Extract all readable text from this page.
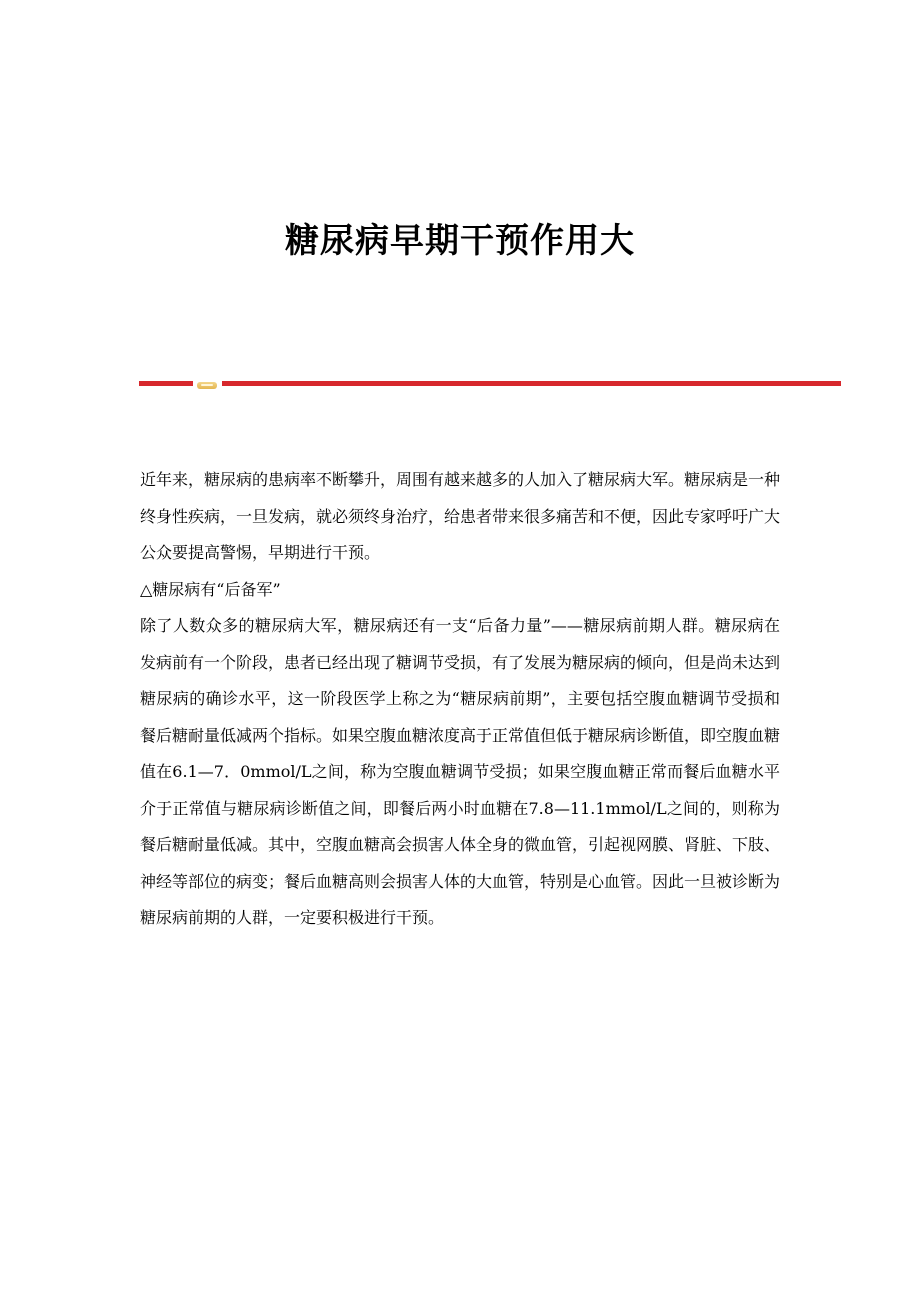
糖尿病早期干预作用大

近年来，糖尿病的患病率不断攀升，周围有越来越多的人加入了糖尿病大军。糖尿病是一种终身性疾病，一旦发病，就必须终身治疗，给患者带来很多痛苦和不便，因此专家呼吁广大公众要提高警惕，早期进行干预。

△糖尿病有“后备军”

除了人数众多的糖尿病大军，糖尿病还有一支“后备力量”——糖尿病前期人群。糖尿病在发病前有一个阶段，患者已经出现了糖调节受损，有了发展为糖尿病的倾向，但是尚未达到糖尿病的确诊水平，这一阶段医学上称之为“糖尿病前期”，主要包括空腹血糖调节受损和餐后糖耐量低减两个指标。如果空腹血糖浓度高于正常值但低于糖尿病诊断值，即空腹血糖值在6.1—7．0mmol/L之间，称为空腹血糖调节受损；如果空腹血糖正常而餐后血糖水平介于正常值与糖尿病诊断值之间，即餐后两小时血糖在7.8—11.1mmol/L之间的，则称为餐后糖耐量低减。其中，空腹血糖高会损害人体全身的微血管，引起视网膜、肾脏、下肢、神经等部位的病变；餐后血糖高则会损害人体的大血管，特别是心血管。因此一旦被诊断为糖尿病前期的人群，一定要积极进行干预。
